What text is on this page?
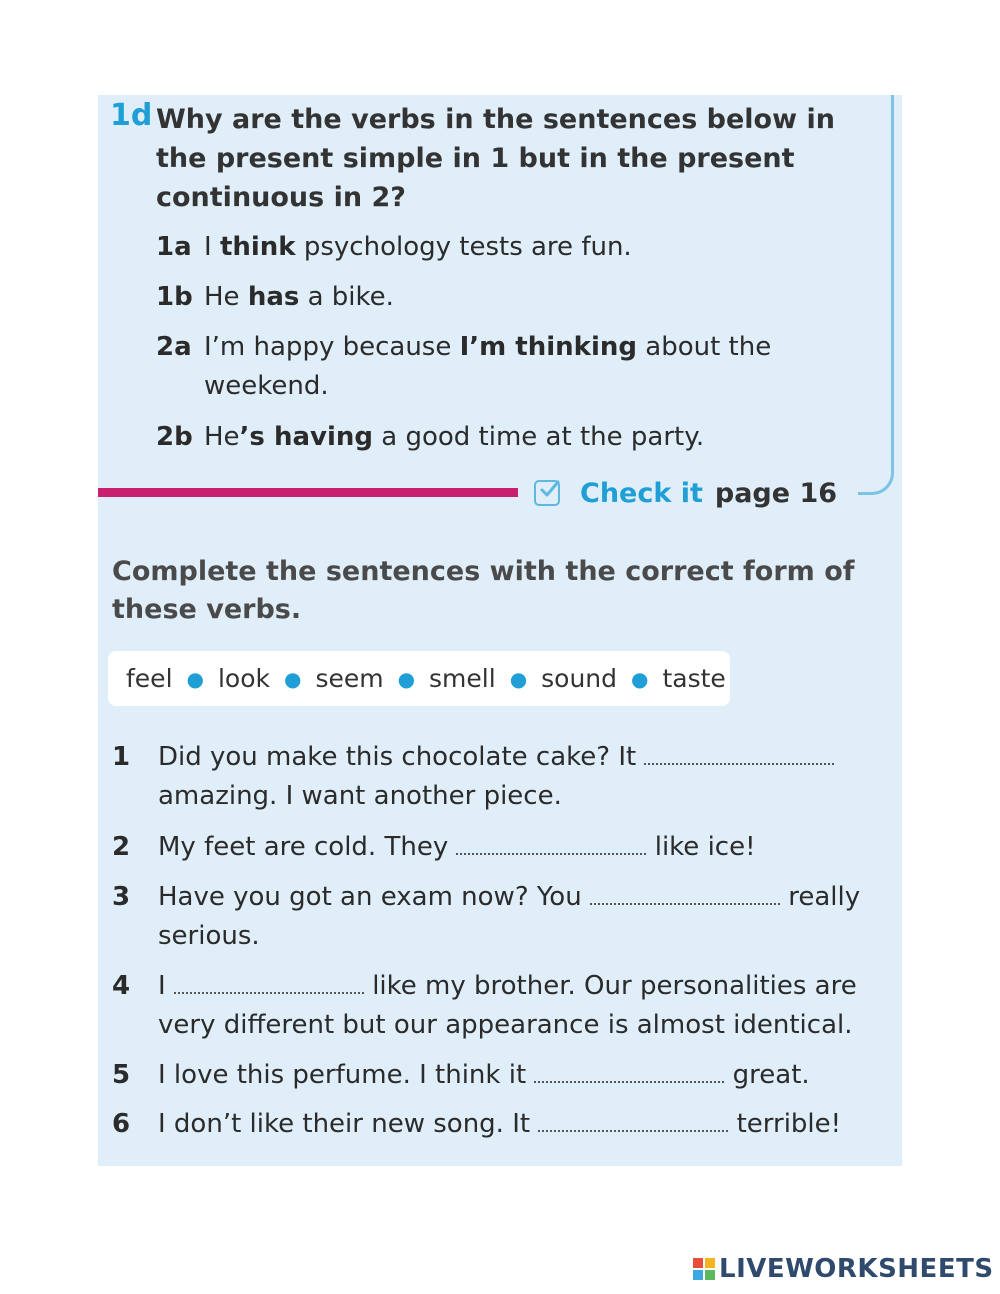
1d Why are the verbs in the sentences below in the present simple in 1 but in the present continuous in 2?
1a I think psychology tests are fun.
1b He has a bike.
2a I’m happy because I’m thinking about the weekend.
2b He’s having a good time at the party.
Check it page 16
Complete the sentences with the correct form of these verbs.
feel ● look ● seem ● smell ● sound ● taste
1 Did you make this chocolate cake? It
amazing. I want another piece.
2 My feet are cold. They	like ice!
3 Have you got an exam now? You	really serious.
4 I	like my brother. Our personalities are very different but our appearance is almost identical.
5 I love this perfume. I think it	great.
6 I don’t like their new song. It	terrible!
LIVEWORKSHEETS
